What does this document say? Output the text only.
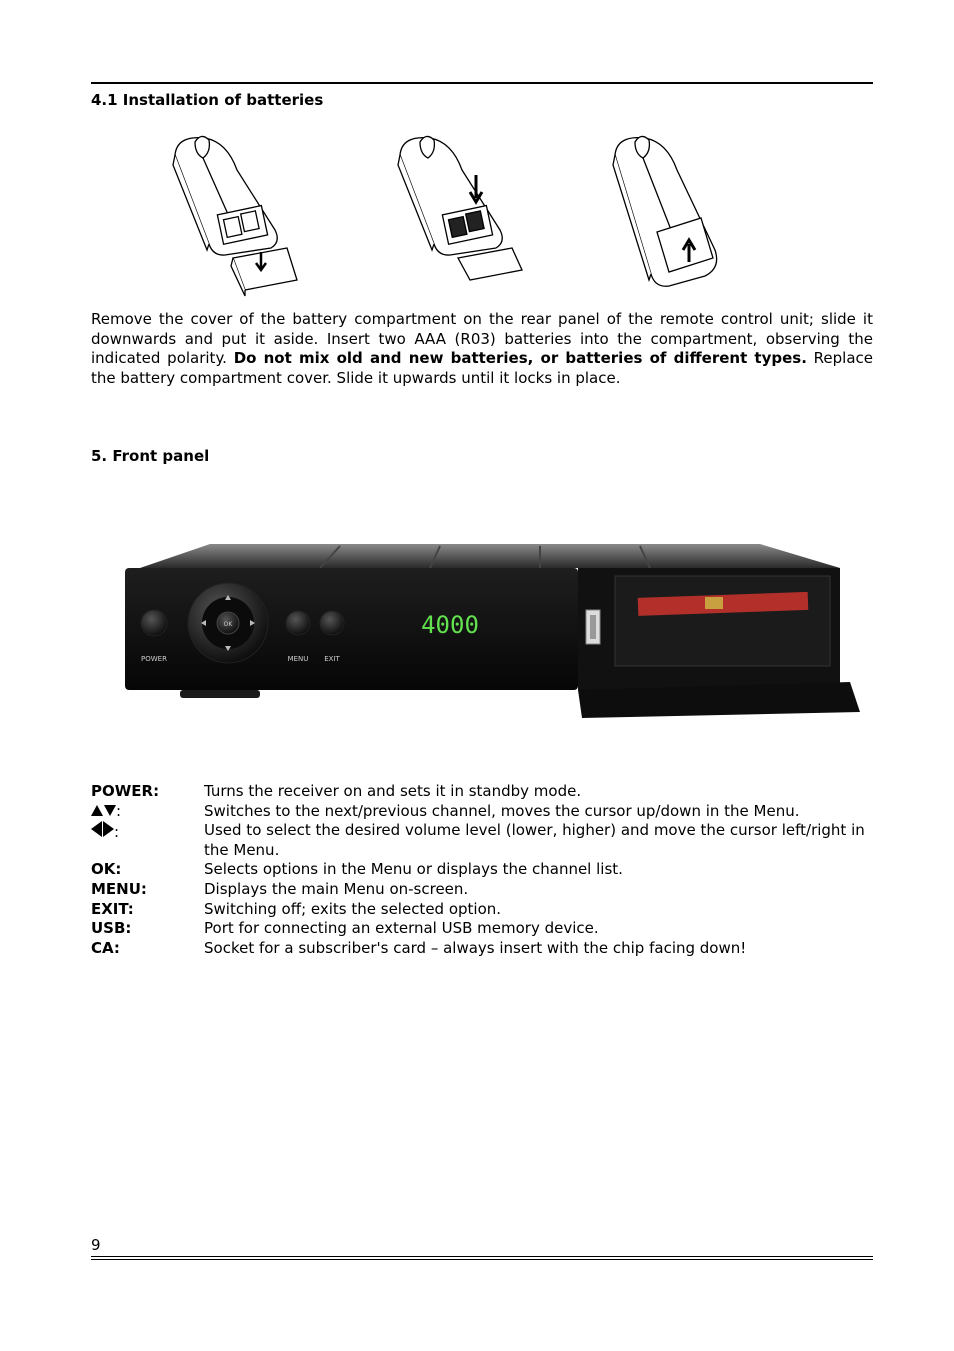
4.1 Installation of batteries

Remove the cover of the battery compartment on the rear panel of the remote control unit; slide it downwards and put it aside. Insert two AAA (R03) batteries into the compartment, observing the indicated polarity. Do not mix old and new batteries, or batteries of different types. Replace the battery compartment cover. Slide it upwards until it locks in place.

5. Front panel
OK
POWER	MENU EXIT
4000
POWER:	Turns the receiver on and sets it in standby mode.
:	Switches to the next/previous channel, moves the cursor up/down in the Menu.
:	Used to select the desired volume level (lower, higher) and move the cursor left/right in the Menu.
OK:	Selects options in the Menu or displays the channel list.
MENU:	Displays the main Menu on-screen.
EXIT:	Switching off; exits the selected option.
USB:	Port for connecting an external USB memory device.
CA:	Socket for a subscriber's card – always insert with the chip facing down!
9
